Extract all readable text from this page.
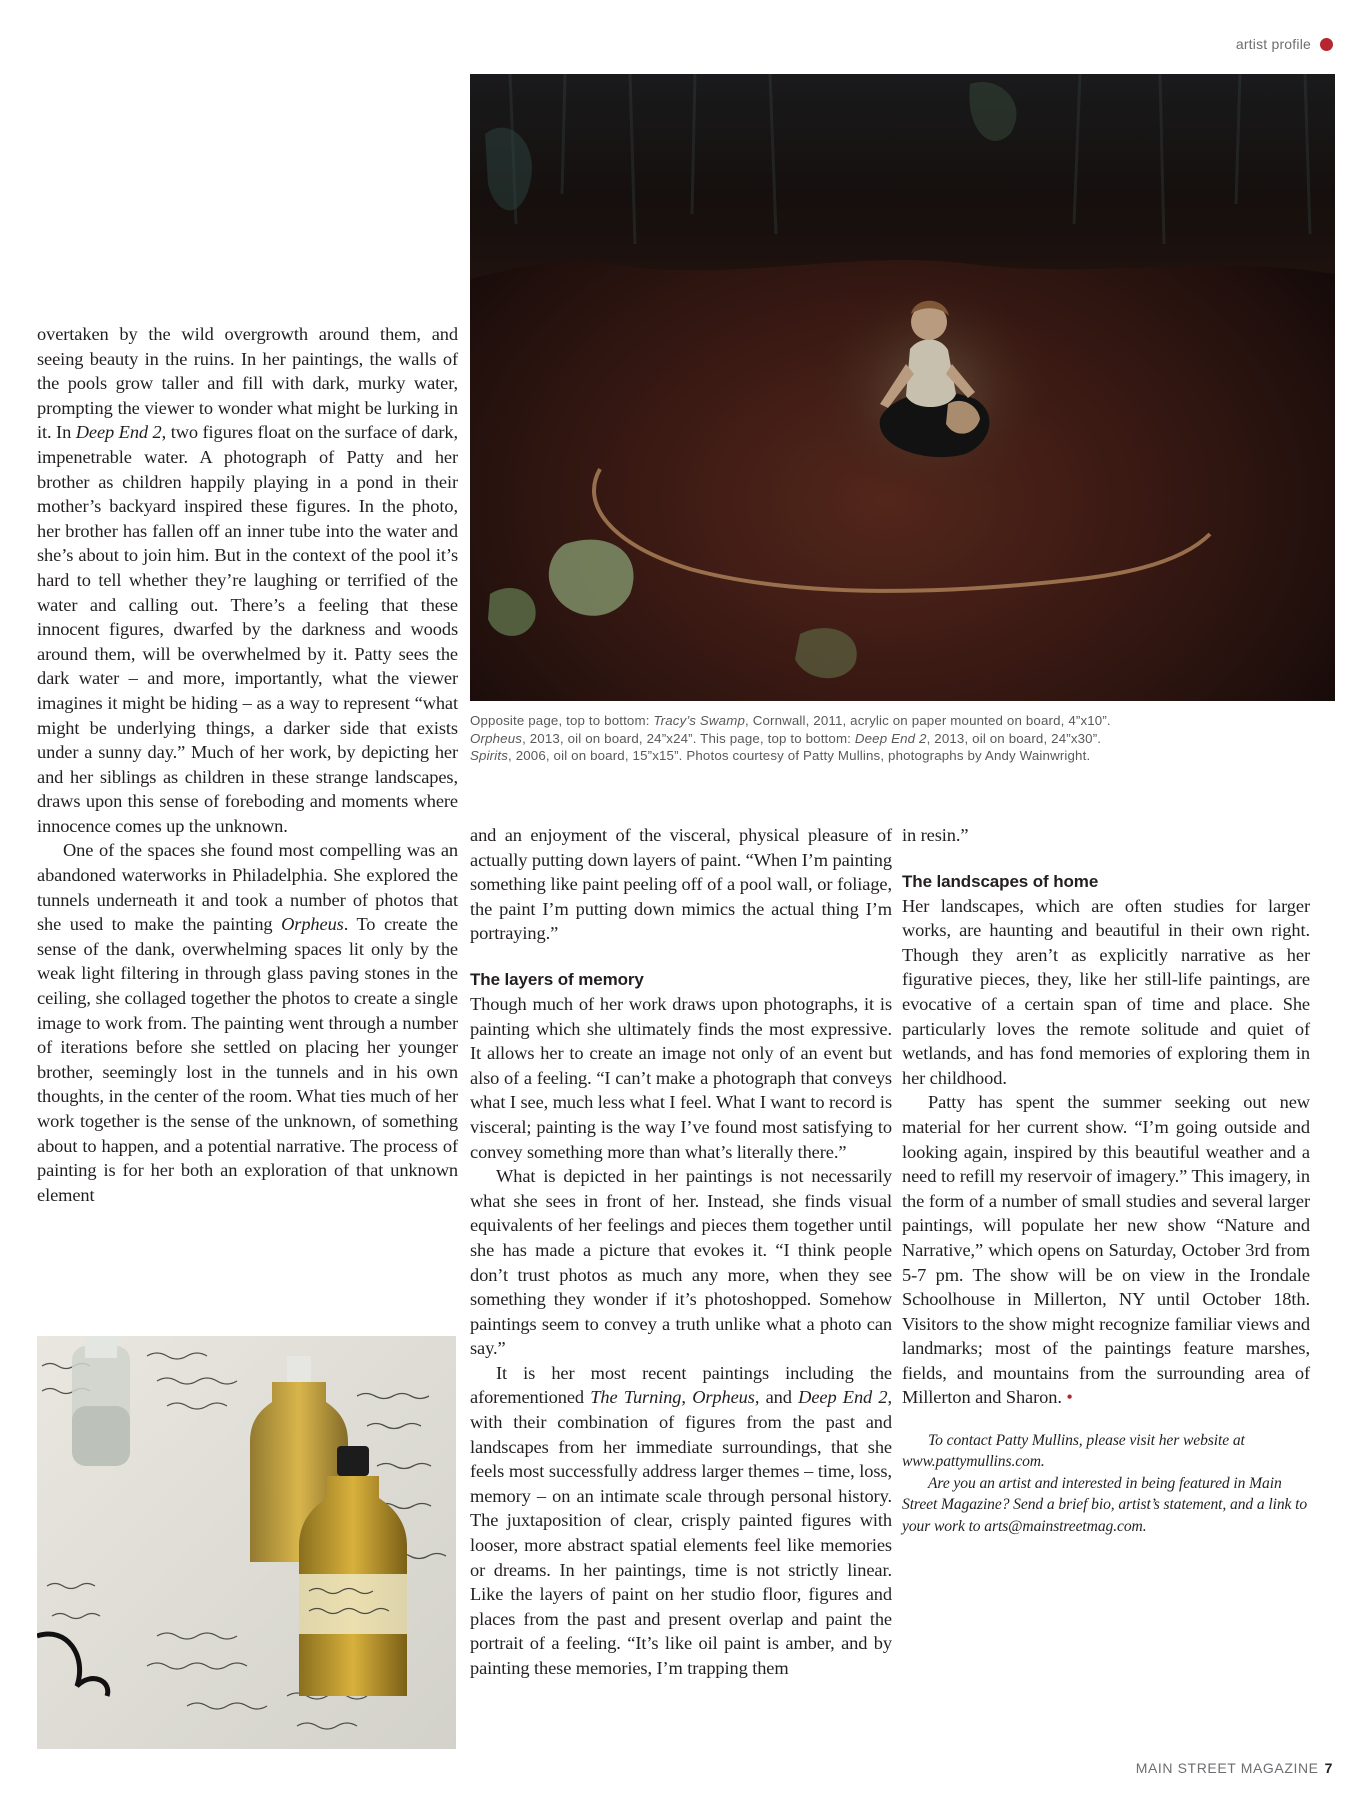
artist profile
Opposite page, top to bottom: Tracy’s Swamp, Cornwall, 2011, acrylic on paper mounted on board, 4”x10”.
Orpheus, 2013, oil on board, 24”x24”. This page, top to bottom: Deep End 2, 2013, oil on board, 24”x30”.
Spirits, 2006, oil on board, 15”x15”. Photos courtesy of Patty Mullins, photographs by Andy Wainwright.

overtaken by the wild overgrowth around them, and seeing beauty in the ruins. In her paintings, the walls of the pools grow taller and fill with dark, murky water, prompting the viewer to wonder what might be lurking in it. In Deep End 2, two figures float on the surface of dark, impenetrable water. A photograph of Patty and her brother as children happily playing in a pond in their mother’s backyard inspired these figures. In the photo, her brother has fallen off an inner tube into the water and she’s about to join him. But in the context of the pool it’s hard to tell whether they’re laughing or terrified of the water and calling out. There’s a feeling that these innocent figures, dwarfed by the darkness and woods around them, will be overwhelmed by it. Patty sees the dark water – and more, importantly, what the viewer imagines it might be hiding – as a way to represent “what might be underlying things, a darker side that exists under a sunny day.” Much of her work, by depicting her and her siblings as children in these strange landscapes, draws upon this sense of foreboding and moments where innocence comes up the unknown.

One of the spaces she found most compelling was an abandoned waterworks in Philadelphia. She explored the tunnels underneath it and took a number of photos that she used to make the painting Orpheus. To create the sense of the dank, overwhelming spaces lit only by the weak light filtering in through glass paving stones in the ceiling, she collaged together the photos to create a single image to work from. The painting went through a number of iterations before she settled on placing her younger brother, seemingly lost in the tunnels and in his own thoughts, in the center of the room. What ties much of her work together is the sense of the unknown, of something about to happen, and a potential narrative. The process of painting is for her both an exploration of that unknown element

and an enjoyment of the visceral, physical pleasure of actually putting down layers of paint. “When I’m painting something like paint peeling off of a pool wall, or foliage, the paint I’m putting down mimics the actual thing I’m portraying.”

The layers of memory

Though much of her work draws upon photographs, it is painting which she ultimately finds the most expressive. It allows her to create an image not only of an event but also of a feeling. “I can’t make a photograph that conveys what I see, much less what I feel. What I want to record is visceral; painting is the way I’ve found most satisfying to convey something more than what’s literally there.”

What is depicted in her paintings is not necessarily what she sees in front of her. Instead, she finds visual equivalents of her feelings and pieces them together until she has made a picture that evokes it. “I think people don’t trust photos as much any more, when they see something they wonder if it’s photoshopped. Somehow paintings seem to convey a truth unlike what a photo can say.”

It is her most recent paintings including the aforementioned The Turning, Orpheus, and Deep End 2, with their combination of figures from the past and landscapes from her immediate surroundings, that she feels most successfully address larger themes – time, loss, memory – on an intimate scale through personal history. The juxtaposition of clear, crisply painted figures with looser, more abstract spatial elements feel like memories or dreams. In her paintings, time is not strictly linear. Like the layers of paint on her studio floor, figures and places from the past and present overlap and paint the portrait of a feeling. “It’s like oil paint is amber, and by painting these memories, I’m trapping them

in resin.”

The landscapes of home

Her landscapes, which are often studies for larger works, are haunting and beautiful in their own right. Though they aren’t as explicitly narrative as her figurative pieces, they, like her still-life paintings, are evocative of a certain span of time and place. She particularly loves the remote solitude and quiet of wetlands, and has fond memories of exploring them in her childhood.

Patty has spent the summer seeking out new material for her current show. “I’m going outside and looking again, inspired by this beautiful weather and a need to refill my reservoir of imagery.” This imagery, in the form of a number of small studies and several larger paintings, will populate her new show “Nature and Narrative,” which opens on Saturday, October 3rd from 5-7 pm. The show will be on view in the Irondale Schoolhouse in Millerton, NY until October 18th. Visitors to the show might recognize familiar views and landmarks; most of the paintings feature marshes, fields, and mountains from the surrounding area of Millerton and Sharon. •

To contact Patty Mullins, please visit her website at www.pattymullins.com.

Are you an artist and interested in being featured in Main Street Magazine? Send a brief bio, artist’s statement, and a link to your work to arts@mainstreetmag.com.

MAIN STREET MAGAZINE 7
